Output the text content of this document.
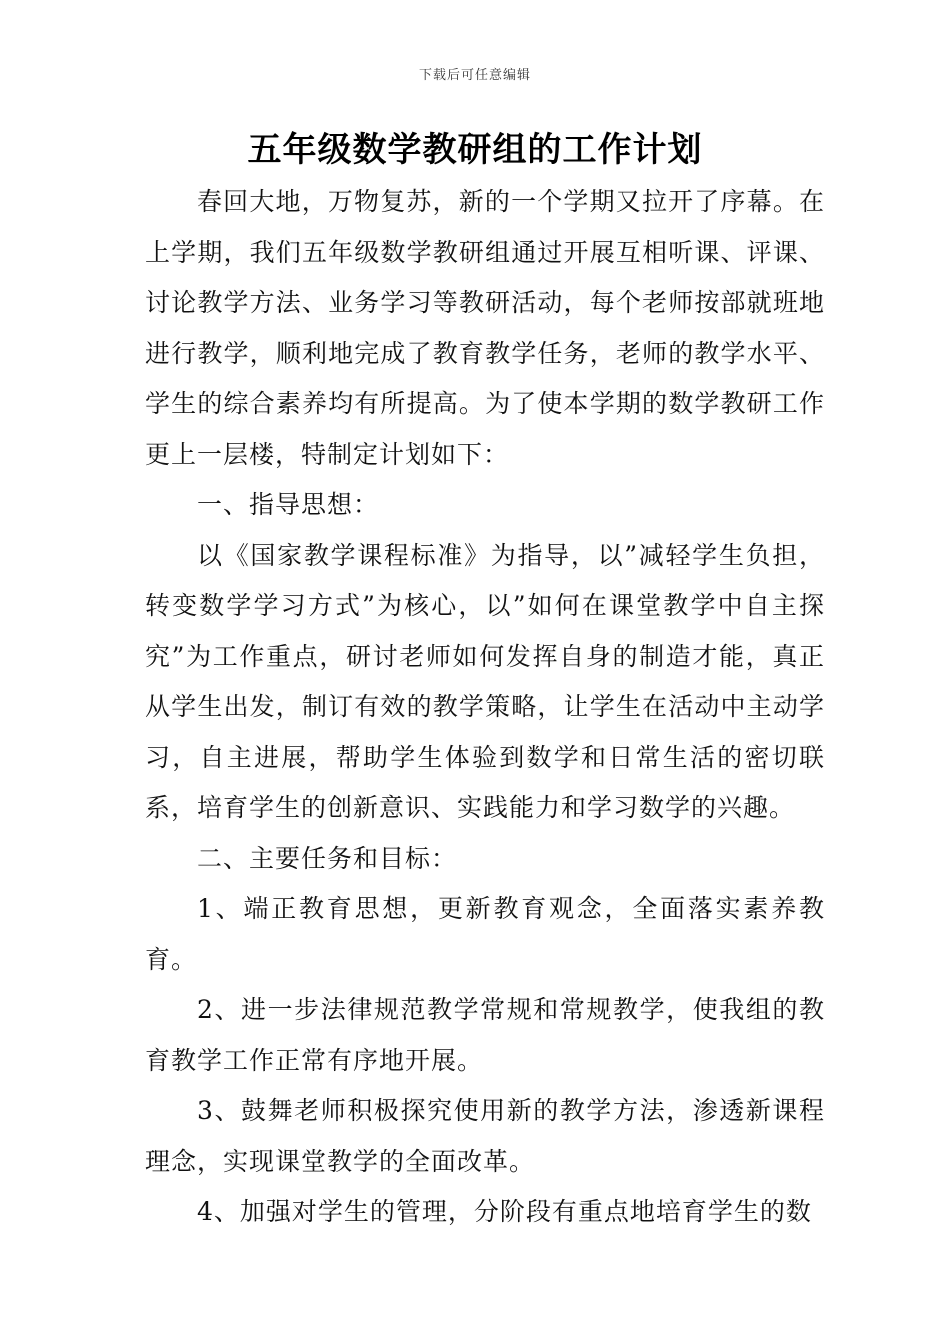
下载后可任意编辑
五年级数学教研组的工作计划

春回大地，万物复苏，新的一个学期又拉开了序幕。在上学期，我们五年级数学教研组通过开展互相听课、评课、讨论教学方法、业务学习等教研活动，每个老师按部就班地进行教学，顺利地完成了教育教学任务，老师的教学水平、学生的综合素养均有所提高。为了使本学期的数学教研工作更上一层楼，特制定计划如下：

一、指导思想：

以《国家教学课程标准》为指导，以”减轻学生负担，转变数学学习方式”为核心，以”如何在课堂教学中自主探究”为工作重点，研讨老师如何发挥自身的制造才能，真正从学生出发，制订有效的教学策略，让学生在活动中主动学习，自主进展，帮助学生体验到数学和日常生活的密切联系，培育学生的创新意识、实践能力和学习数学的兴趣。

二、主要任务和目标：

1、端正教育思想，更新教育观念，全面落实素养教育。

2、进一步法律规范教学常规和常规教学，使我组的教育教学工作正常有序地开展。

3、鼓舞老师积极探究使用新的教学方法，渗透新课程理念，实现课堂教学的全面改革。

4、加强对学生的管理，分阶段有重点地培育学生的数
